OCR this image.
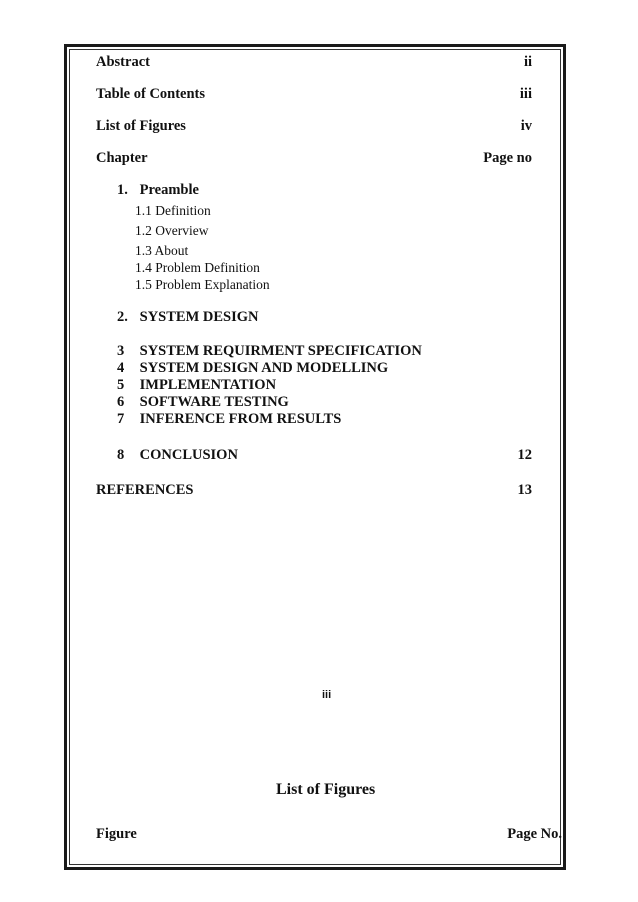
Abstract	ii
Table of Contents	iii
List of Figures	iv
Chapter	Page no
1. Preamble
1.1 Definition
1.2 Overview
1.3 About
1.4 Problem Definition
1.5 Problem Explanation
2. SYSTEM DESIGN
3 SYSTEM REQUIRMENT SPECIFICATION
4 SYSTEM DESIGN AND MODELLING
5 IMPLEMENTATION
6 SOFTWARE TESTING
7 INFERENCE FROM RESULTS
8 CONCLUSION	12
REFERENCES	13
iii
List of Figures
Figure	Page No.
